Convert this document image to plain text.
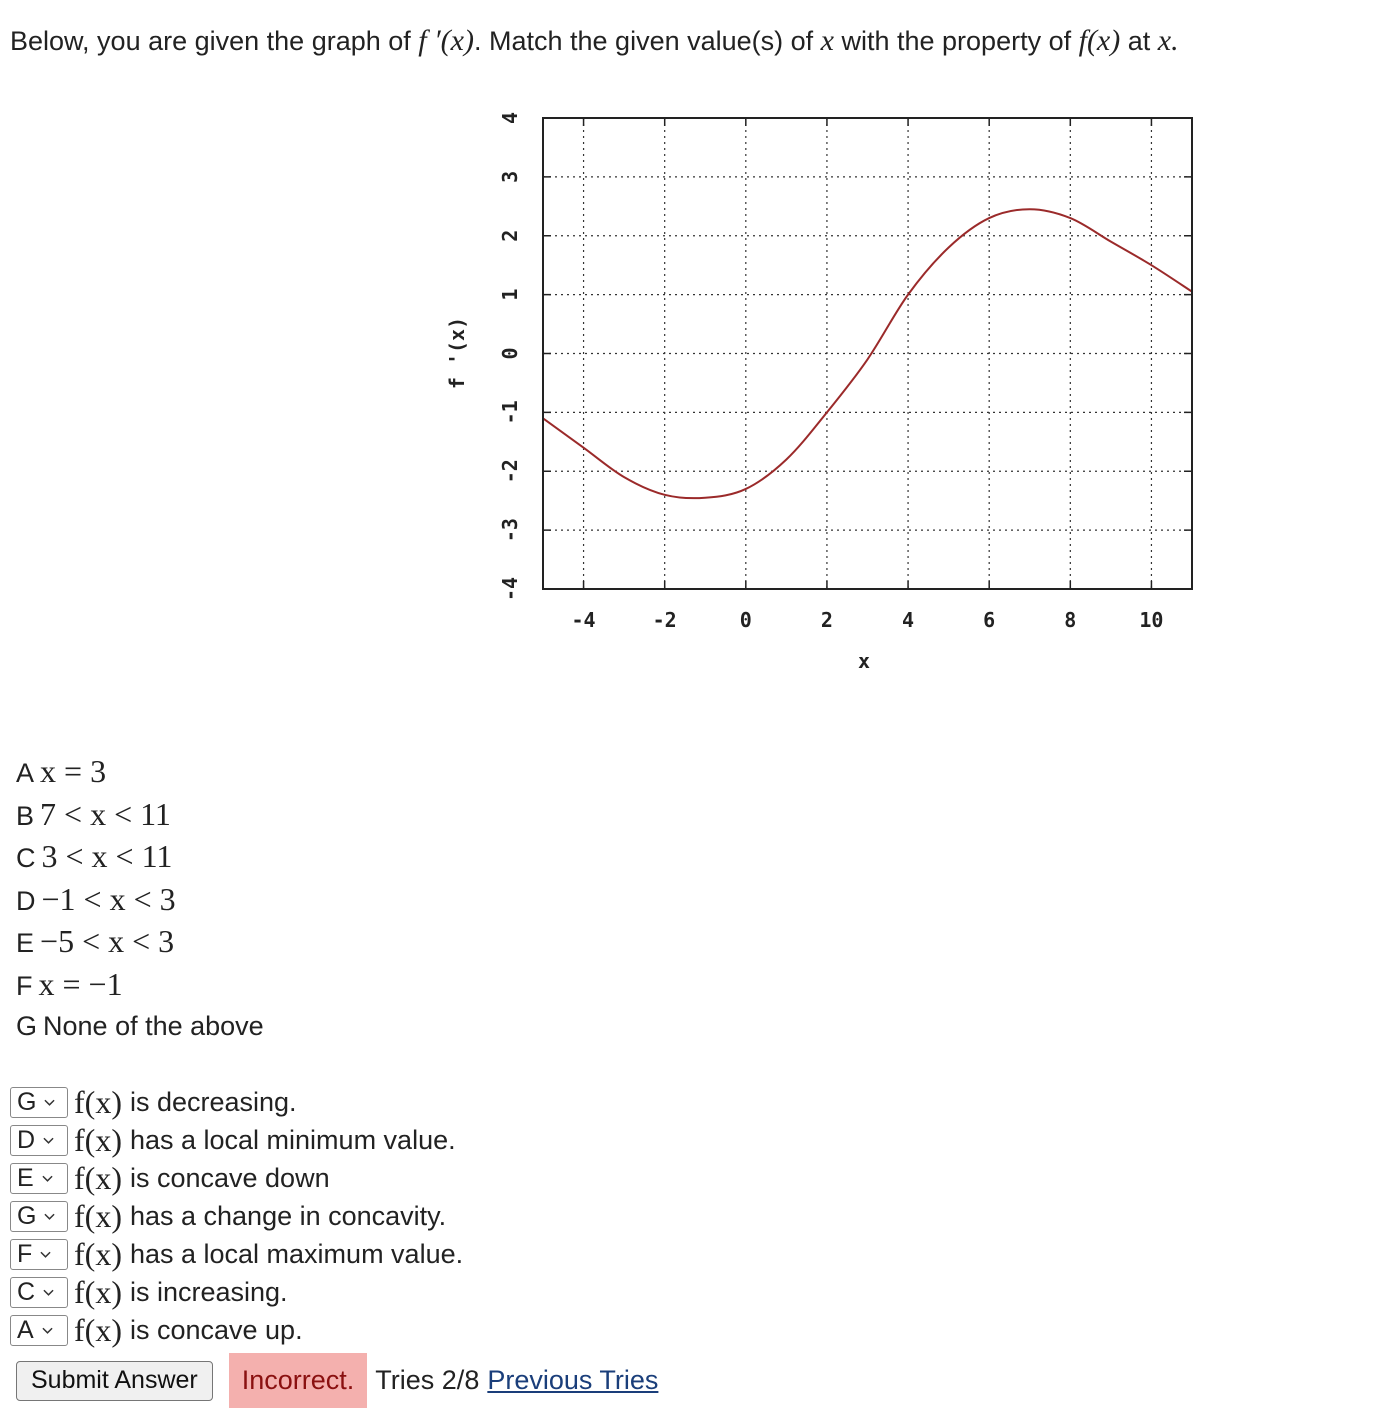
Below, you are given the graph of f ′(x). Match the given value(s) of x with the property of f(x) at x.
-4	-2	0	2	4	6	8	10
4
3
2
1
0
-1
-2
-3
-4
x
f '(x)
A x = 3
B 7 < x < 11
C 3 < x < 11
D −1 < x < 3
E −5 < x < 3
F x = −1
G None of the above
G f(x) is decreasing.
D f(x) has a local minimum value.
E f(x) is concave down
G f(x) has a change in concavity.
F f(x) has a local maximum value.
C f(x) is increasing.
A f(x) is concave up.
Submit Answer	Incorrect. Tries 2/8 Previous Tries
